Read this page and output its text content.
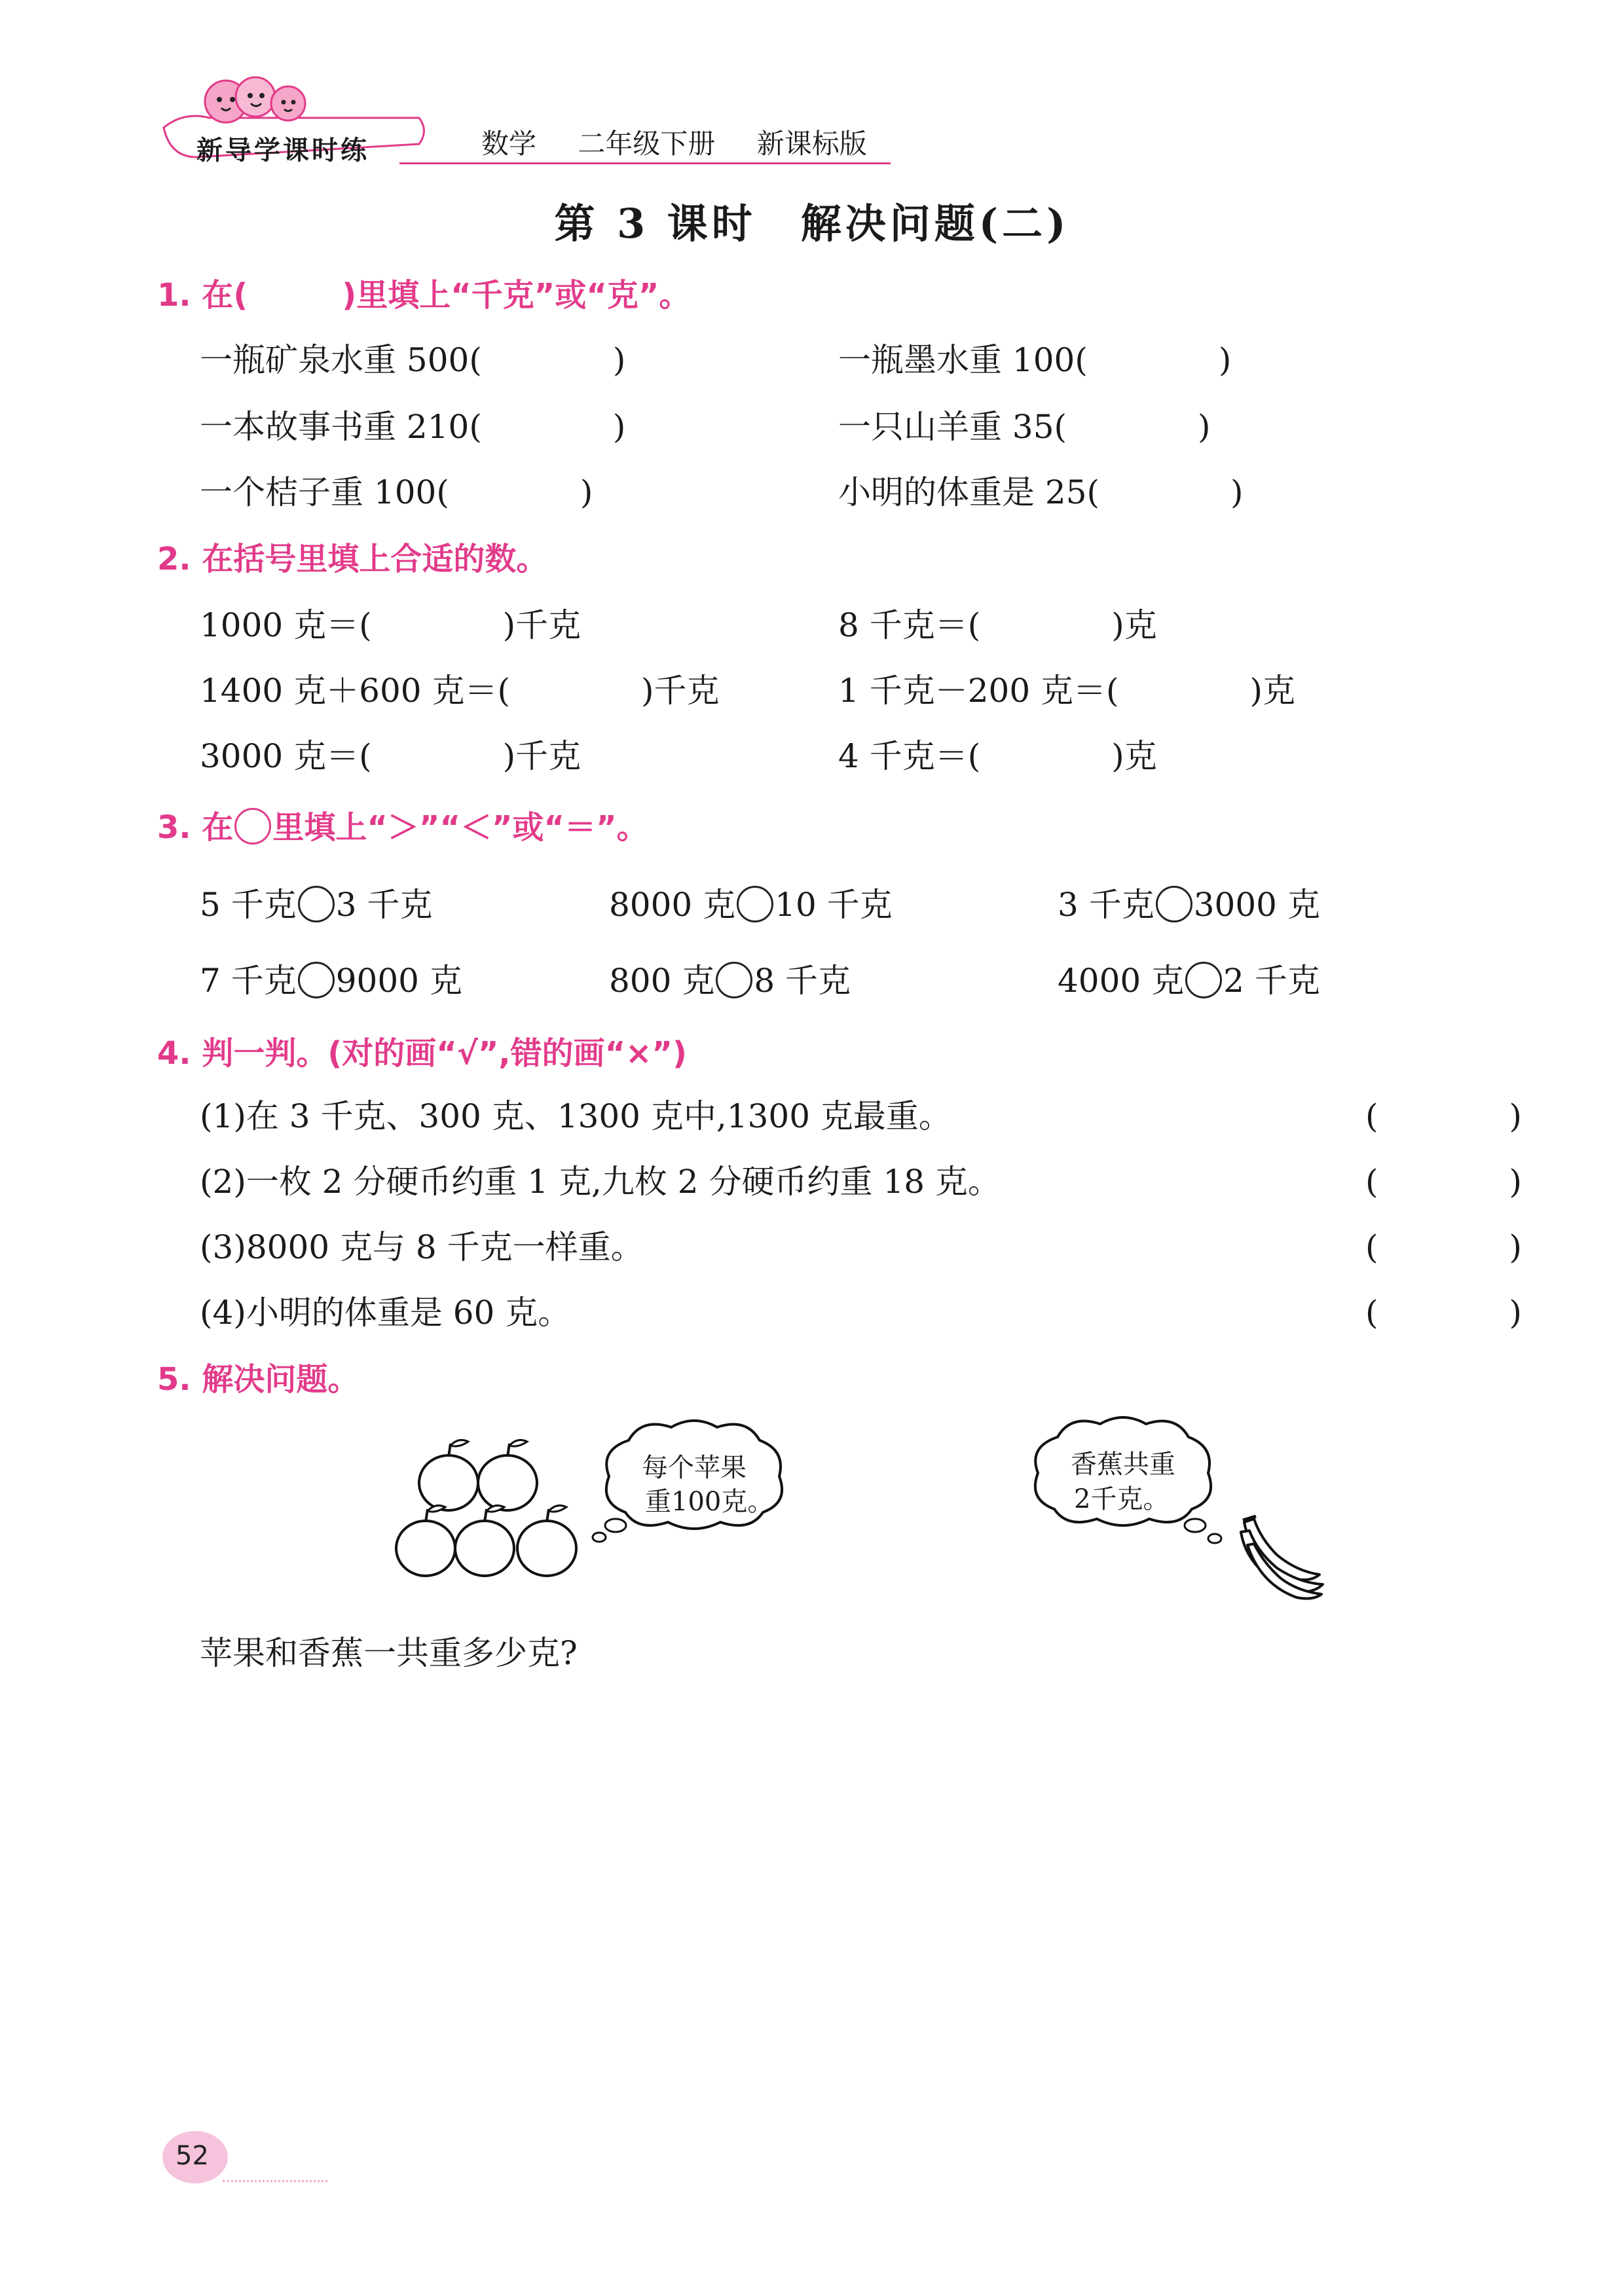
新导学课时练	数学 二年级下册 新课标版
第 3 课时　解决问题(二)
1. 在(　　　)里填上“千克”或“克”。
一瓶矿泉水重 500(　　　　)	一瓶墨水重 100(　　　　)
一本故事书重 210(　　　　)	一只山羊重 35(　　　　)
一个桔子重 100(　　　　)	小明的体重是 25(　　　　)
2. 在括号里填上合适的数。
1000 克＝(　　　　)千克	8 千克＝(　　　　)克
1400 克＋600 克＝(　　　　)千克	1 千克－200 克＝(　　　　)克
3000 克＝(　　　　)千克	4 千克＝(　　　　)克
3. 在 里填上“＞”“＜”或“＝”。
5 千克 3 千克	8000 克 10 千克	3 千克 3000 克
7 千克 9000 克	800 克 8 千克	4000 克 2 千克
4. 判一判。(对的画“√”,错的画“×”)
(1)在 3 千克、300 克、1300 克中,1300 克最重。	(　　　　)
(2)一枚 2 分硬币约重 1 克,九枚 2 分硬币约重 18 克。	(　　　　)
(3)8000 克与 8 千克一样重。	(　　　　)
(4)小明的体重是 60 克。	(　　　　)
5. 解决问题。
每个苹果
重100克。
香蕉共重
2千克。
苹果和香蕉一共重多少克?
52
